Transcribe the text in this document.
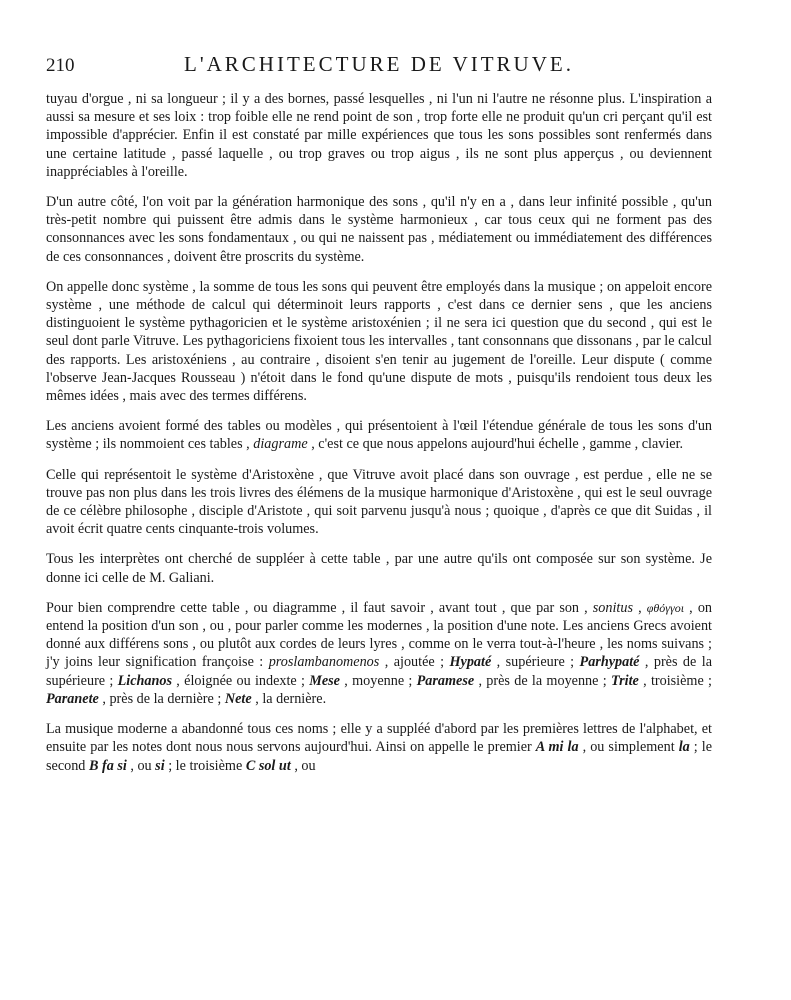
210	L'ARCHITECTURE DE VITRUVE.

tuyau d'orgue , ni sa longueur ; il y a des bornes, passé lesquelles , ni l'un ni l'autre ne résonne plus. L'inspiration a aussi sa mesure et ses loix : trop foible elle ne rend point de son , trop forte elle ne produit qu'un cri perçant qu'il est impossible d'apprécier. Enfin il est constaté par mille expériences que tous les sons possibles sont renfermés dans une certaine latitude , passé laquelle , ou trop graves ou trop aigus , ils ne sont plus apperçus , ou deviennent inappréciables à l'oreille.

D'un autre côté, l'on voit par la génération harmonique des sons , qu'il n'y en a , dans leur infinité possible , qu'un très-petit nombre qui puissent être admis dans le système harmonieux , car tous ceux qui ne forment pas des consonnances avec les sons fondamentaux , ou qui ne naissent pas , médiatement ou immédiatement des différences de ces consonnances , doivent être proscrits du système.

On appelle donc système , la somme de tous les sons qui peuvent être employés dans la musique ; on appeloit encore système , une méthode de calcul qui déterminoit leurs rapports , c'est dans ce dernier sens , que les anciens distinguoient le système pythagoricien et le système aristoxénien ; il ne sera ici question que du second , qui est le seul dont parle Vitruve. Les pythagoriciens fixoient tous les intervalles , tant consonnans que dissonans , par le calcul des rapports. Les aristoxéniens , au contraire , disoient s'en tenir au jugement de l'oreille. Leur dispute ( comme l'observe Jean-Jacques Rousseau ) n'étoit dans le fond qu'une dispute de mots , puisqu'ils rendoient tous deux les mêmes idées , mais avec des termes différens.

Les anciens avoient formé des tables ou modèles , qui présentoient à l'œil l'étendue générale de tous les sons d'un système ; ils nommoient ces tables , diagrame , c'est ce que nous appelons aujourd'hui échelle , gamme , clavier.

Celle qui représentoit le système d'Aristoxène , que Vitruve avoit placé dans son ouvrage , est perdue , elle ne se trouve pas non plus dans les trois livres des élémens de la musique harmonique d'Aristoxène , qui est le seul ouvrage de ce célèbre philosophe , disciple d'Aristote , qui soit parvenu jusqu'à nous ; quoique , d'après ce que dit Suidas , il avoit écrit quatre cents cinquante-trois volumes.

Tous les interprètes ont cherché de suppléer à cette table , par une autre qu'ils ont composée sur son système. Je donne ici celle de M. Galiani.

Pour bien comprendre cette table , ou diagramme , il faut savoir , avant tout , que par son , sonitus , φθόγγοι , on entend la position d'un son , ou , pour parler comme les modernes , la position d'une note. Les anciens Grecs avoient donné aux différens sons , ou plutôt aux cordes de leurs lyres , comme on le verra tout-à-l'heure , les noms suivans ; j'y joins leur signification françoise : proslambanomenos , ajoutée ; Hypaté , supérieure ; Parhypaté , près de la supérieure ; Lichanos , éloignée ou indexte ; Mese , moyenne ; Paramese , près de la moyenne ; Trite , troisième ; Paranete , près de la dernière ; Nete , la dernière.

La musique moderne a abandonné tous ces noms ; elle y a suppléé d'abord par les premières lettres de l'alphabet, et ensuite par les notes dont nous nous servons aujourd'hui. Ainsi on appelle le premier A mi la , ou simplement la ; le second B fa si , ou si ; le troisième C sol ut , ou
